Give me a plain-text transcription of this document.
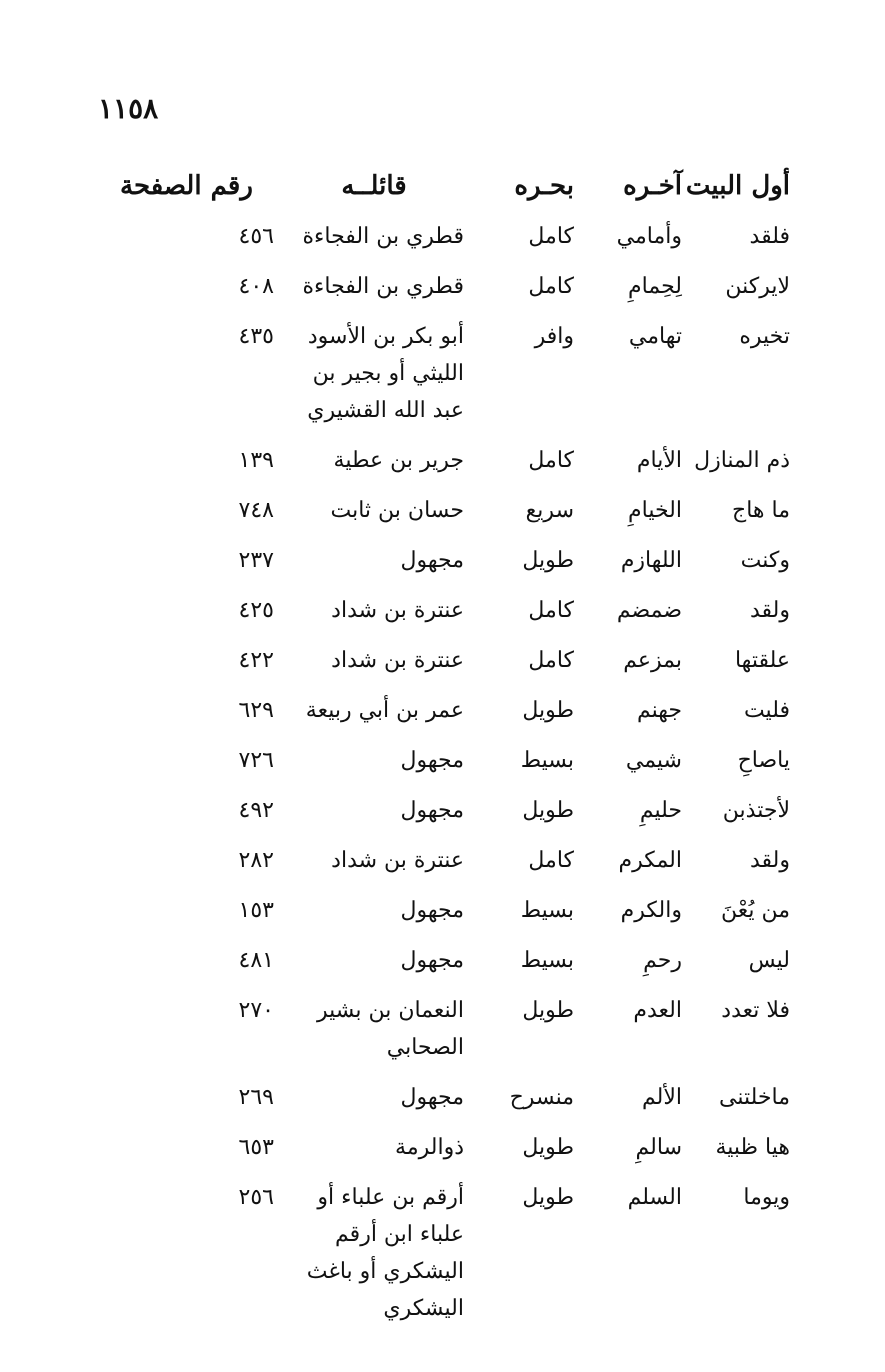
١١٥٨
أول البيت
آخـره
بحـره
قائلــه
رقم الصفحة
فلقد
وأمامي
كامل
قطري بن الفجاءة
٤٥٦
لايركنن
لِحِمامِ
كامل
قطري بن الفجاءة
٤٠٨
تخيره
تهامي
وافر
أبو بكر بن الأسود الليثي أو بجير بن عبد الله القشيري
٤٣٥
ذم المنازل
الأيام
كامل
جرير بن عطية
١٣٩
ما هاج
الخيامِ
سريع
حسان بن ثابت
٧٤٨
وكنت
اللهازم
طويل
مجهول
٢٣٧
ولقد
ضمضم
كامل
عنترة بن شداد
٤٢٥
علقتها
بمزعم
كامل
عنترة بن شداد
٤٢٢
فليت
جهنم
طويل
عمر بن أبي ربيعة
٦٢٩
ياصاحِ
شيمي
بسيط
مجهول
٧٢٦
لأجتذبن
حليمِ
طويل
مجهول
٤٩٢
ولقد
المكرم
كامل
عنترة بن شداد
٢٨٢
من يُعْنَ
والكرم
بسيط
مجهول
١٥٣
ليس
رحمِ
بسيط
مجهول
٤٨١
فلا تعدد
العدم
طويل
النعمان بن بشير الصحابي
٢٧٠
ماخلتنى
الألم
منسرح
مجهول
٢٦٩
هيا ظبية
سالمِ
طويل
ذوالرمة
٦٥٣
ويوما
السلم
طويل
أرقم بن علباء أو علباء ابن أرقم اليشكري أو باغث اليشكري
٢٥٦
